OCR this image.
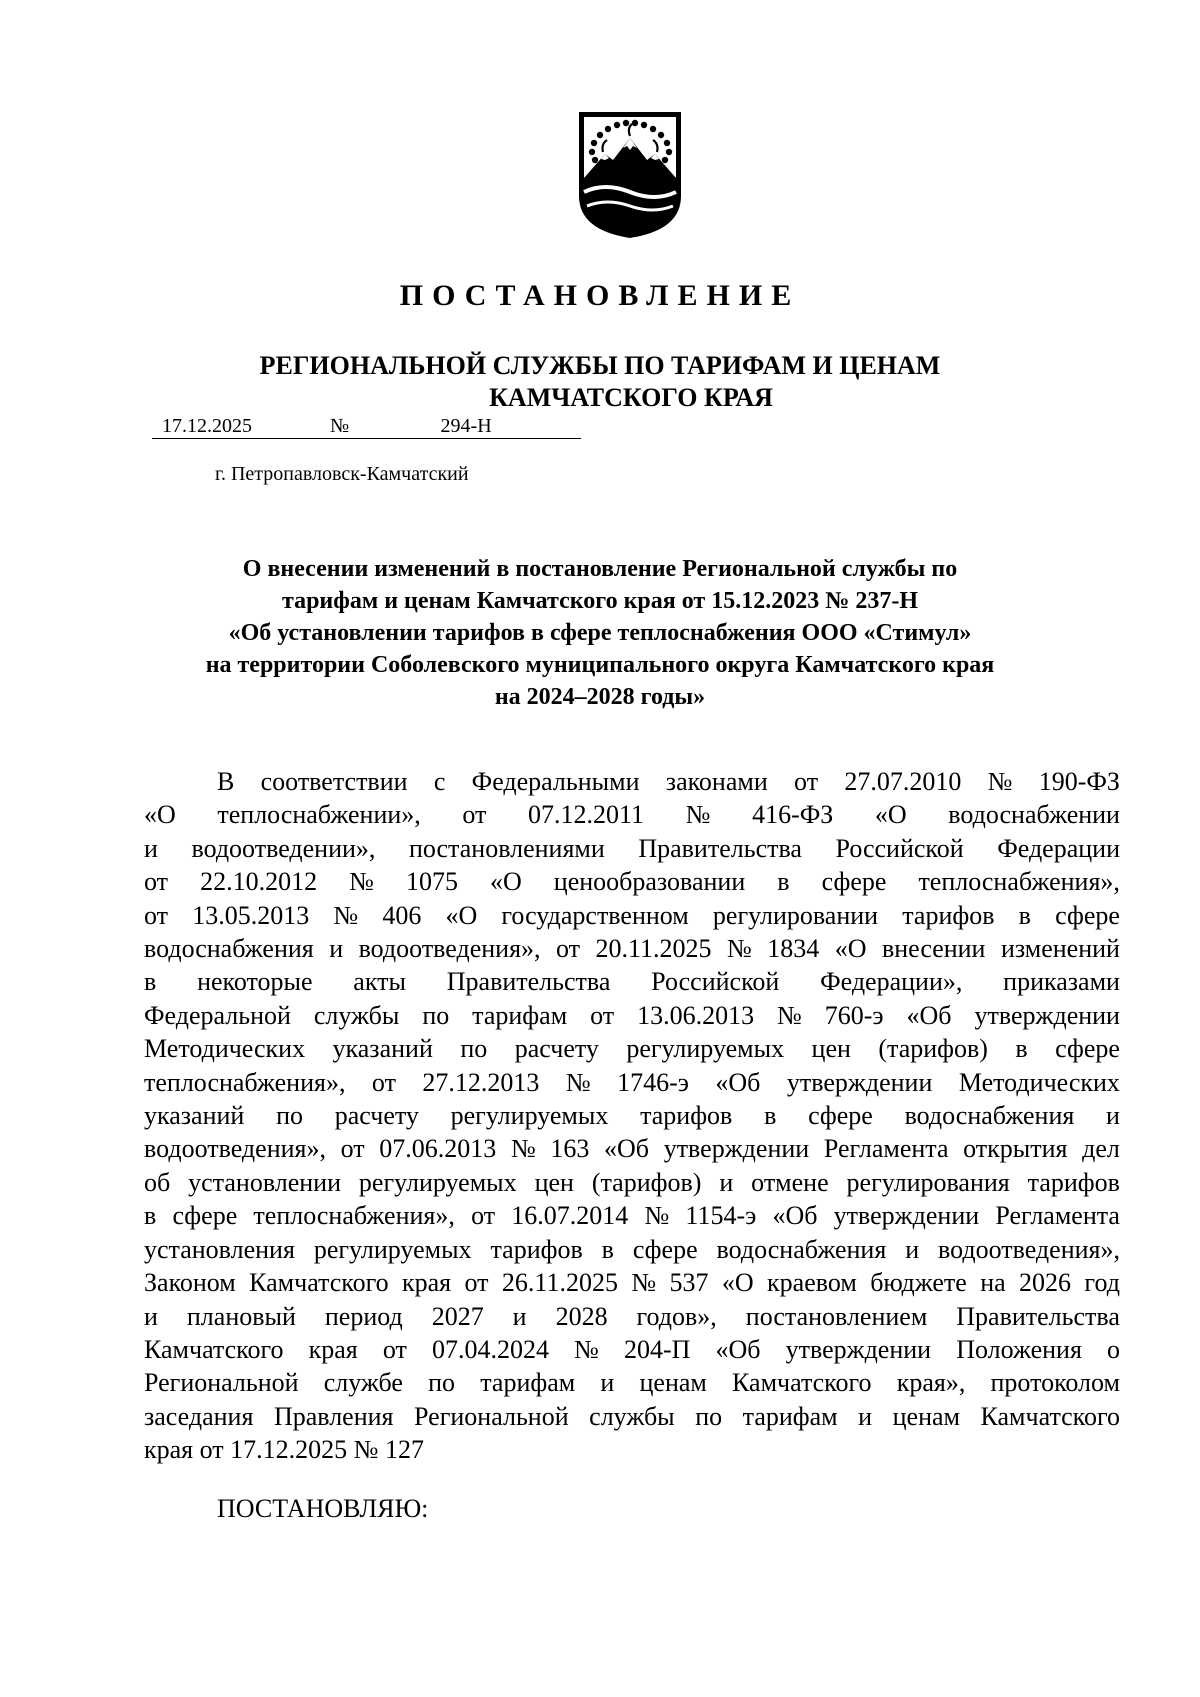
ПОСТАНОВЛЕНИЕ
РЕГИОНАЛЬНОЙ СЛУЖБЫ ПО ТАРИФАМ И ЦЕНАМ
КАМЧАТСКОГО КРАЯ
17.12.2025	№	294-Н
г. Петропавловск-Камчатский
О внесении изменений в постановление Региональной службы по
тарифам и ценам Камчатского края от 15.12.2023 № 237-Н
«Об установлении тарифов в сфере теплоснабжения ООО «Стимул»
на территории Соболевского муниципального округа Камчатского края
на 2024–2028 годы»
В соответствии с Федеральными законами от 27.07.2010 № 190-ФЗ
«О теплоснабжении», от 07.12.2011 № 416-ФЗ «О водоснабжении
и водоотведении», постановлениями Правительства Российской Федерации
от 22.10.2012 № 1075 «О ценообразовании в сфере теплоснабжения»,
от 13.05.2013 № 406 «О государственном регулировании тарифов в сфере
водоснабжения и водоотведения», от 20.11.2025 № 1834 «О внесении изменений
в некоторые акты Правительства Российской Федерации», приказами
Федеральной службы по тарифам от 13.06.2013 № 760-э «Об утверждении
Методических указаний по расчету регулируемых цен (тарифов) в сфере
теплоснабжения», от 27.12.2013 № 1746-э «Об утверждении Методических
указаний по расчету регулируемых тарифов в сфере водоснабжения и
водоотведения», от 07.06.2013 № 163 «Об утверждении Регламента открытия дел
об установлении регулируемых цен (тарифов) и отмене регулирования тарифов
в сфере теплоснабжения», от 16.07.2014 № 1154-э «Об утверждении Регламента
установления регулируемых тарифов в сфере водоснабжения и водоотведения»,
Законом Камчатского края от 26.11.2025 № 537 «О краевом бюджете на 2026 год
и плановый период 2027 и 2028 годов», постановлением Правительства
Камчатского края от 07.04.2024 № 204-П «Об утверждении Положения о
Региональной службе по тарифам и ценам Камчатского края», протоколом
заседания Правления Региональной службы по тарифам и ценам Камчатского
края от 17.12.2025 № 127
ПОСТАНОВЛЯЮ:
